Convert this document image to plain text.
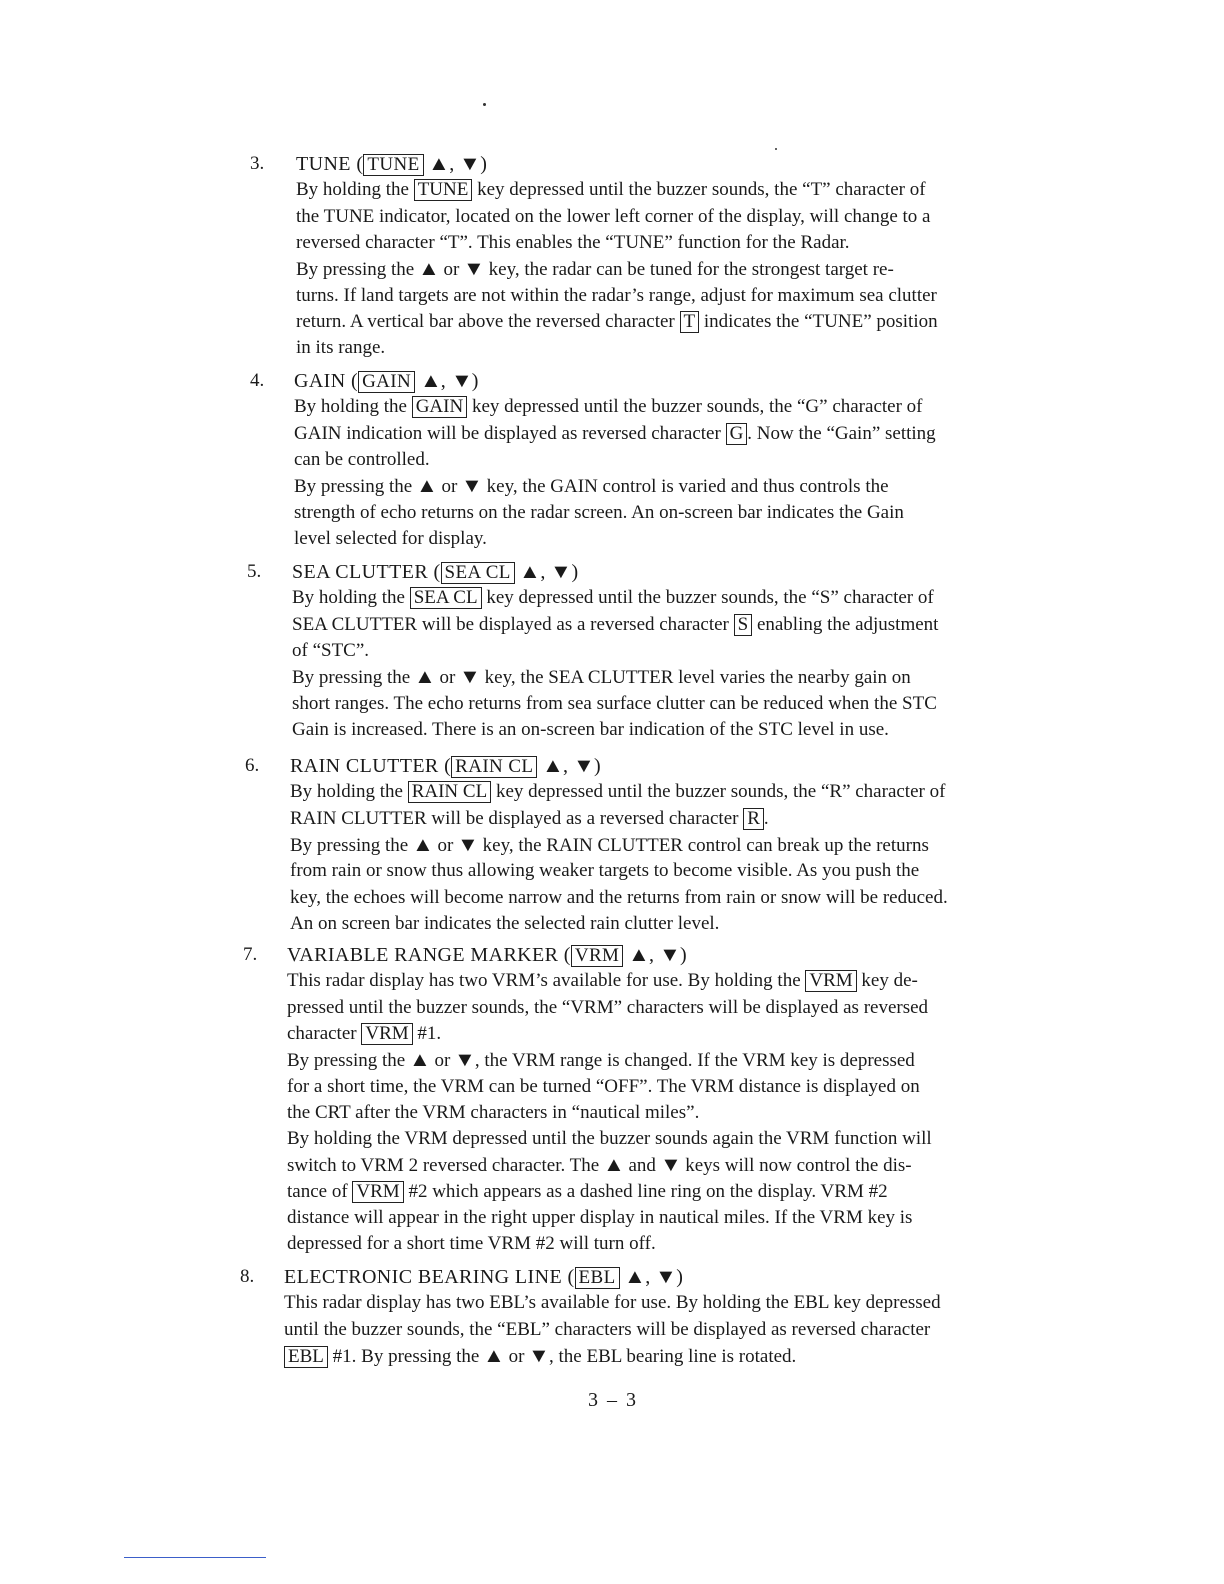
3. TUNE ( TUNE ▲, ▼)
By holding the TUNE key depressed until the buzzer sounds, the “T” character of
the TUNE indicator, located on the lower left corner of the display, will change to a
reversed character “T”. This enables the “TUNE” function for the Radar.
By pressing the ▲ or ▼ key, the radar can be tuned for the strongest target re-
turns. If land targets are not within the radar’s range, adjust for maximum sea clutter
return. A vertical bar above the reversed character T indicates the “TUNE” position
in its range.
4. GAIN ( GAIN ▲, ▼)
By holding the GAIN key depressed until the buzzer sounds, the “G” character of
GAIN indication will be displayed as reversed character G . Now the “Gain” setting
can be controlled.
By pressing the ▲ or ▼ key, the GAIN control is varied and thus controls the
strength of echo returns on the radar screen. An on-screen bar indicates the Gain
level selected for display.
5. SEA CLUTTER ( SEA CL ▲, ▼)
By holding the SEA CL key depressed until the buzzer sounds, the “S” character of
SEA CLUTTER will be displayed as a reversed character S enabling the adjustment
of “STC”.
By pressing the ▲ or ▼ key, the SEA CLUTTER level varies the nearby gain on
short ranges. The echo returns from sea surface clutter can be reduced when the STC
Gain is increased. There is an on-screen bar indication of the STC level in use.
6. RAIN CLUTTER ( RAIN CL ▲, ▼)
By holding the RAIN CL key depressed until the buzzer sounds, the “R” character of
RAIN CLUTTER will be displayed as a reversed character R .
By pressing the ▲ or ▼ key, the RAIN CLUTTER control can break up the returns
from rain or snow thus allowing weaker targets to become visible. As you push the
key, the echoes will become narrow and the returns from rain or snow will be reduced.
An on screen bar indicates the selected rain clutter level.
7. VARIABLE RANGE MARKER ( VRM ▲, ▼)
This radar display has two VRM’s available for use. By holding the VRM key de-
pressed until the buzzer sounds, the “VRM” characters will be displayed as reversed
character VRM #1.
By pressing the ▲ or ▼, the VRM range is changed. If the VRM key is depressed
for a short time, the VRM can be turned “OFF”. The VRM distance is displayed on
the CRT after the VRM characters in “nautical miles”.
By holding the VRM depressed until the buzzer sounds again the VRM function will
switch to VRM 2 reversed character. The ▲ and ▼ keys will now control the dis-
tance of VRM #2 which appears as a dashed line ring on the display. VRM #2
distance will appear in the right upper display in nautical miles. If the VRM key is
depressed for a short time VRM #2 will turn off.
8. ELECTRONIC BEARING LINE ( EBL ▲, ▼)
This radar display has two EBL’s available for use. By holding the EBL key depressed
until the buzzer sounds, the “EBL” characters will be displayed as reversed character
EBL #1. By pressing the ▲ or ▼, the EBL bearing line is rotated.
3 – 3
